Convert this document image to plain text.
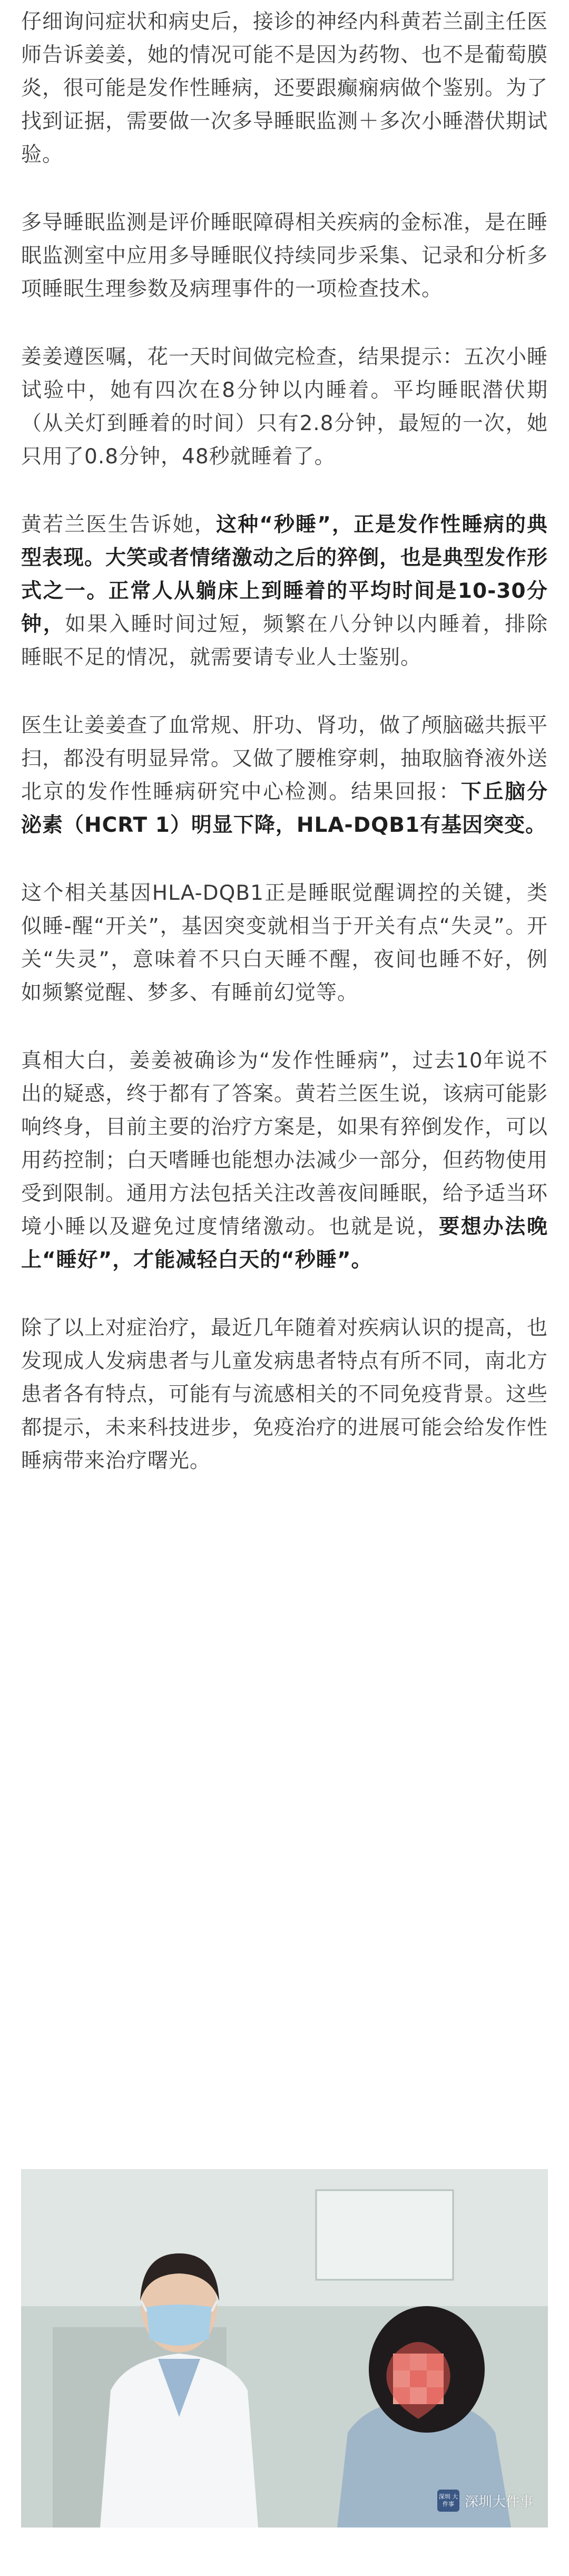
仔细询问症状和病史后，接诊的神经内科黄若兰副主任医师告诉姜姜，她的情况可能不是因为药物、也不是葡萄膜炎，很可能是发作性睡病，还要跟癫痫病做个鉴别。为了找到证据，需要做一次多导睡眠监测＋多次小睡潜伏期试验。

多导睡眠监测是评价睡眠障碍相关疾病的金标准，是在睡眠监测室中应用多导睡眠仪持续同步采集、记录和分析多项睡眠生理参数及病理事件的一项检查技术。

姜姜遵医嘱，花一天时间做完检查，结果提示：五次小睡试验中，她有四次在8分钟以内睡着。平均睡眠潜伏期（从关灯到睡着的时间）只有2.8分钟，最短的一次，她只用了0.8分钟，48秒就睡着了。

黄若兰医生告诉她，这种“秒睡”，正是发作性睡病的典型表现。大笑或者情绪激动之后的猝倒，也是典型发作形式之一。正常人从躺床上到睡着的平均时间是10-30分钟，如果入睡时间过短，频繁在八分钟以内睡着，排除睡眠不足的情况，就需要请专业人士鉴别。

医生让姜姜查了血常规、肝功、肾功，做了颅脑磁共振平扫，都没有明显异常。又做了腰椎穿刺，抽取脑脊液外送北京的发作性睡病研究中心检测。结果回报：下丘脑分泌素（HCRT 1）明显下降，HLA-DQB1有基因突变。

这个相关基因HLA-DQB1正是睡眠觉醒调控的关键，类似睡-醒“开关”，基因突变就相当于开关有点“失灵”。开关“失灵”，意味着不只白天睡不醒，夜间也睡不好，例如频繁觉醒、梦多、有睡前幻觉等。

真相大白，姜姜被确诊为“发作性睡病”，过去10年说不出的疑惑，终于都有了答案。黄若兰医生说，该病可能影响终身，目前主要的治疗方案是，如果有猝倒发作，可以用药控制；白天嗜睡也能想办法减少一部分，但药物使用受到限制。通用方法包括关注改善夜间睡眠，给予适当环境小睡以及避免过度情绪激动。也就是说，要想办法晚上“睡好”，才能减轻白天的“秒睡”。

除了以上对症治疗，最近几年随着对疾病认识的提高，也发现成人发病患者与儿童发病患者特点有所不同，南北方患者各有特点，可能有与流感相关的不同免疫背景。这些都提示，未来科技进步，免疫治疗的进展可能会给发作性睡病带来治疗曙光。

深圳 大件事 深圳大件事
